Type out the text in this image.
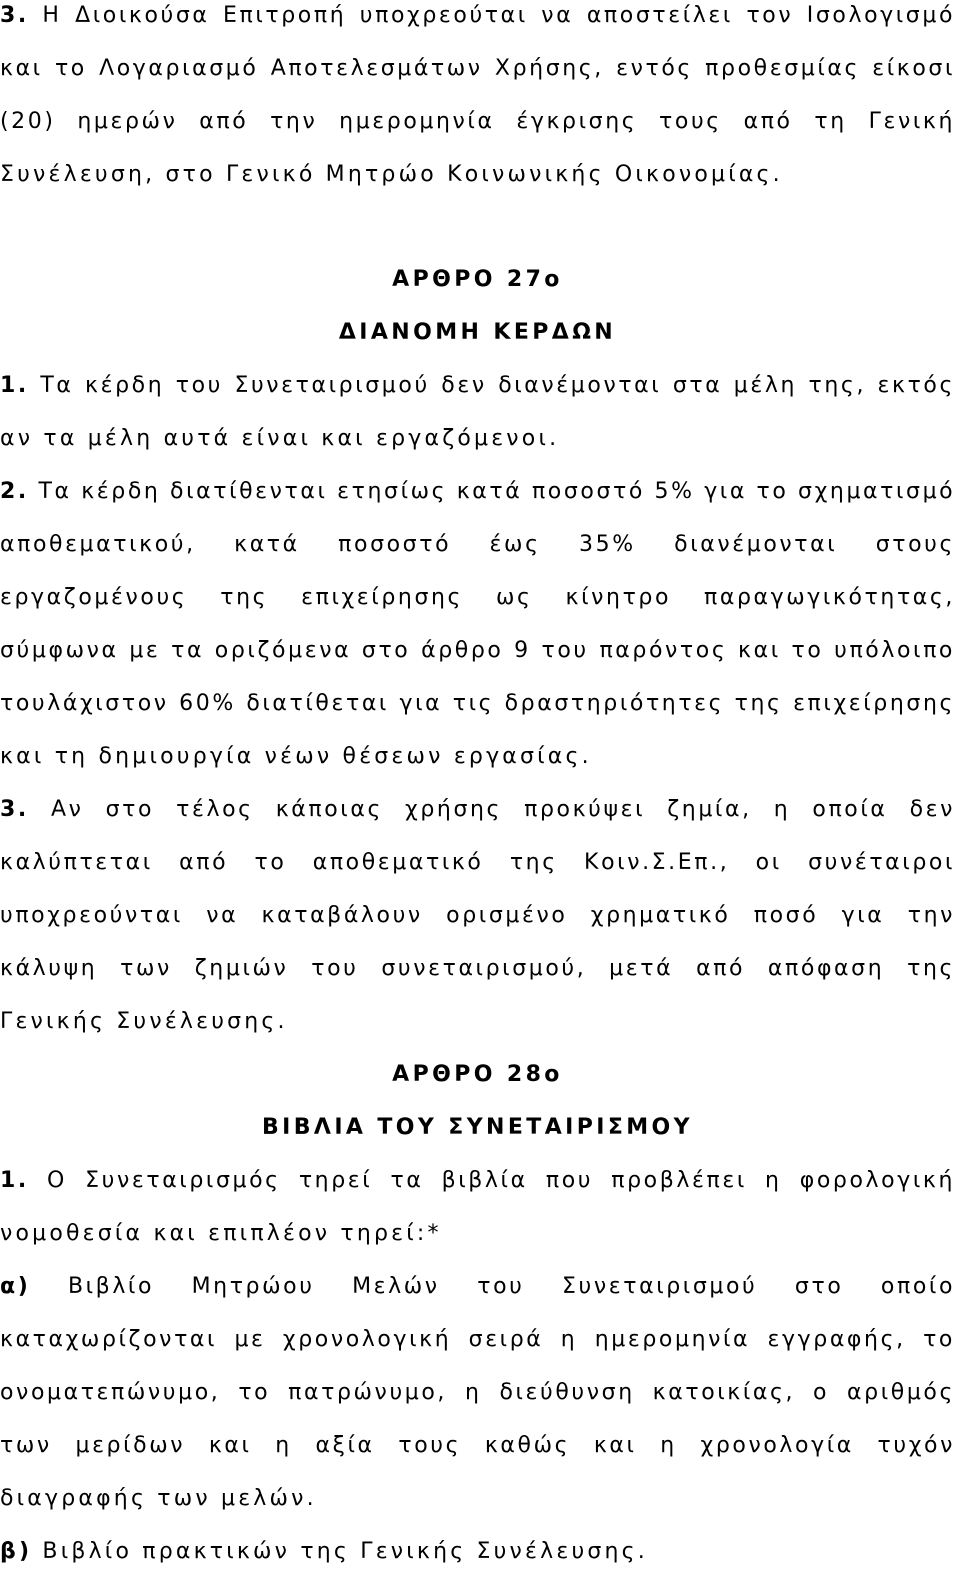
3. Η Διοικούσα Επιτροπή υποχρεούται να αποστείλει τον Ισολογισμό
και το Λογαριασμό Αποτελεσμάτων Χρήσης, εντός προθεσμίας είκοσι
(20) ημερών από την ημερομηνία έγκρισης τους από τη Γενική
Συνέλευση, στο Γενικό Μητρώο Κοινωνικής Οικονομίας.
ΑΡΘΡΟ 27ο
ΔΙΑΝΟΜΗ ΚΕΡΔΩΝ
1. Τα κέρδη του Συνεταιρισμού δεν διανέμονται στα μέλη της, εκτός
αν τα μέλη αυτά είναι και εργαζόμενοι.
2. Τα κέρδη διατίθενται ετησίως κατά ποσοστό 5% για το σχηματισμό
αποθεματικού, κατά ποσοστό έως 35% διανέμονται στους
εργαζομένους της επιχείρησης ως κίνητρο παραγωγικότητας,
σύμφωνα με τα οριζόμενα στο άρθρο 9 του παρόντος και το υπόλοιπο
τουλάχιστον 60% διατίθεται για τις δραστηριότητες της επιχείρησης
και τη δημιουργία νέων θέσεων εργασίας.
3. Αν στο τέλος κάποιας χρήσης προκύψει ζημία, η οποία δεν
καλύπτεται από το αποθεματικό της Κοιν.Σ.Επ., οι συνέταιροι
υποχρεούνται να καταβάλουν ορισμένο χρηματικό ποσό για την
κάλυψη των ζημιών του συνεταιρισμού, μετά από απόφαση της
Γενικής Συνέλευσης.
ΑΡΘΡΟ 28ο
ΒΙΒΛΙΑ ΤΟΥ ΣΥΝΕΤΑΙΡΙΣΜΟΥ
1. Ο Συνεταιρισμός τηρεί τα βιβλία που προβλέπει η φορολογική
νομοθεσία και επιπλέον τηρεί:*
α) Βιβλίο Μητρώου Μελών του Συνεταιρισμού στο οποίο
καταχωρίζονται με χρονολογική σειρά η ημερομηνία εγγραφής, το
ονοματεπώνυμο, το πατρώνυμο, η διεύθυνση κατοικίας, ο αριθμός
των μερίδων και η αξία τους καθώς και η χρονολογία τυχόν
διαγραφής των μελών.
β) Βιβλίο πρακτικών της Γενικής Συνέλευσης.
